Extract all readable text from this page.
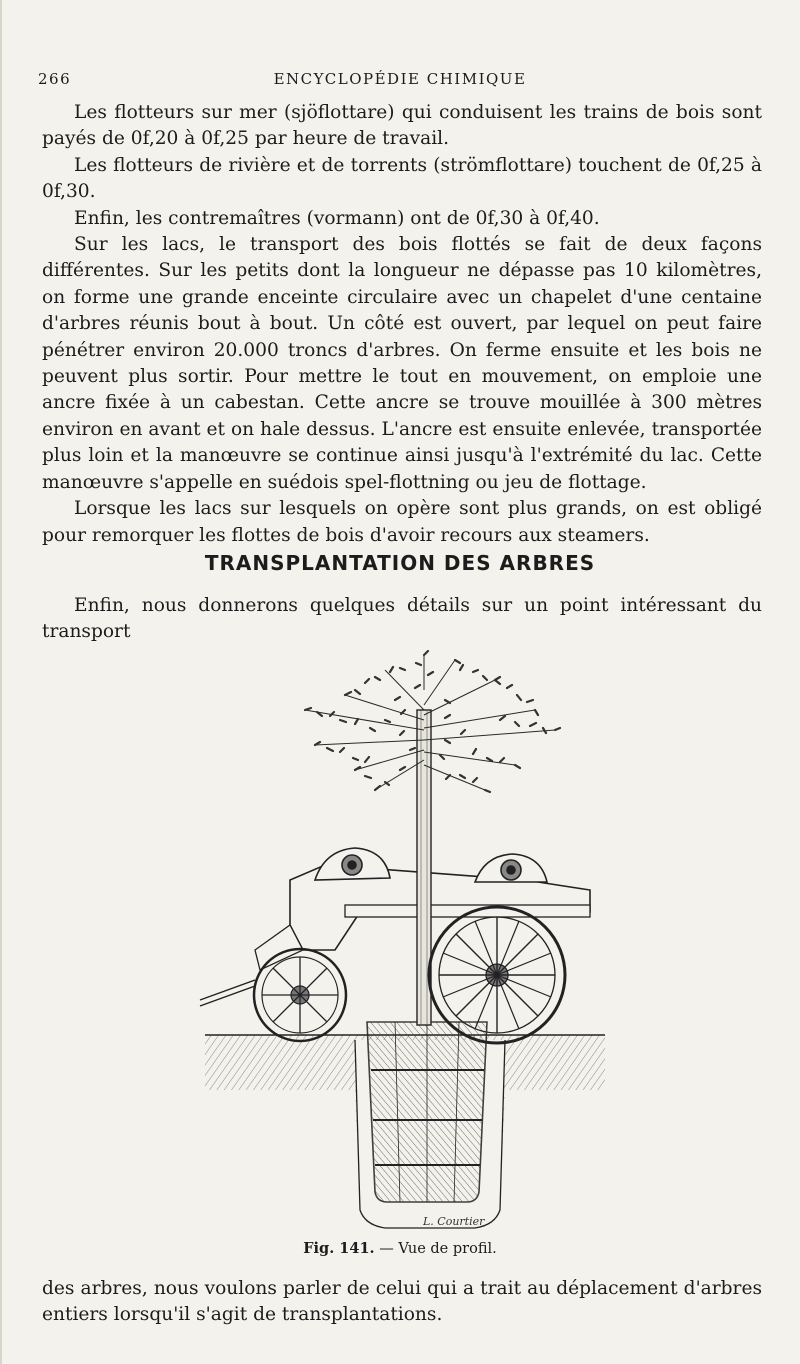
266	ENCYCLOPÉDIE CHIMIQUE

Les flotteurs sur mer (sjöflottare) qui conduisent les trains de bois sont payés de 0f,20 à 0f,25 par heure de travail.

Les flotteurs de rivière et de torrents (strömflottare) touchent de 0f,25 à 0f,30.

Enfin, les contremaîtres (vormann) ont de 0f,30 à 0f,40.

Sur les lacs, le transport des bois flottés se fait de deux façons différentes. Sur les petits dont la longueur ne dépasse pas 10 kilomètres, on forme une grande enceinte circulaire avec un chapelet d'une centaine d'arbres réunis bout à bout. Un côté est ouvert, par lequel on peut faire pénétrer environ 20.000 troncs d'arbres. On ferme ensuite et les bois ne peuvent plus sortir. Pour mettre le tout en mouvement, on emploie une ancre fixée à un cabestan. Cette ancre se trouve mouillée à 300 mètres environ en avant et on hale dessus. L'ancre est ensuite enlevée, transportée plus loin et la manœuvre se continue ainsi jusqu'à l'extrémité du lac. Cette manœuvre s'appelle en suédois spel-flottning ou jeu de flottage.

Lorsque les lacs sur lesquels on opère sont plus grands, on est obligé pour remorquer les flottes de bois d'avoir recours aux steamers.

TRANSPLANTATION DES ARBRES

Enfin, nous donnerons quelques détails sur un point intéressant du transport

L. Courtier
Fig. 141. — Vue de profil.

des arbres, nous voulons parler de celui qui a trait au déplacement d'arbres entiers lorsqu'il s'agit de transplantations.
